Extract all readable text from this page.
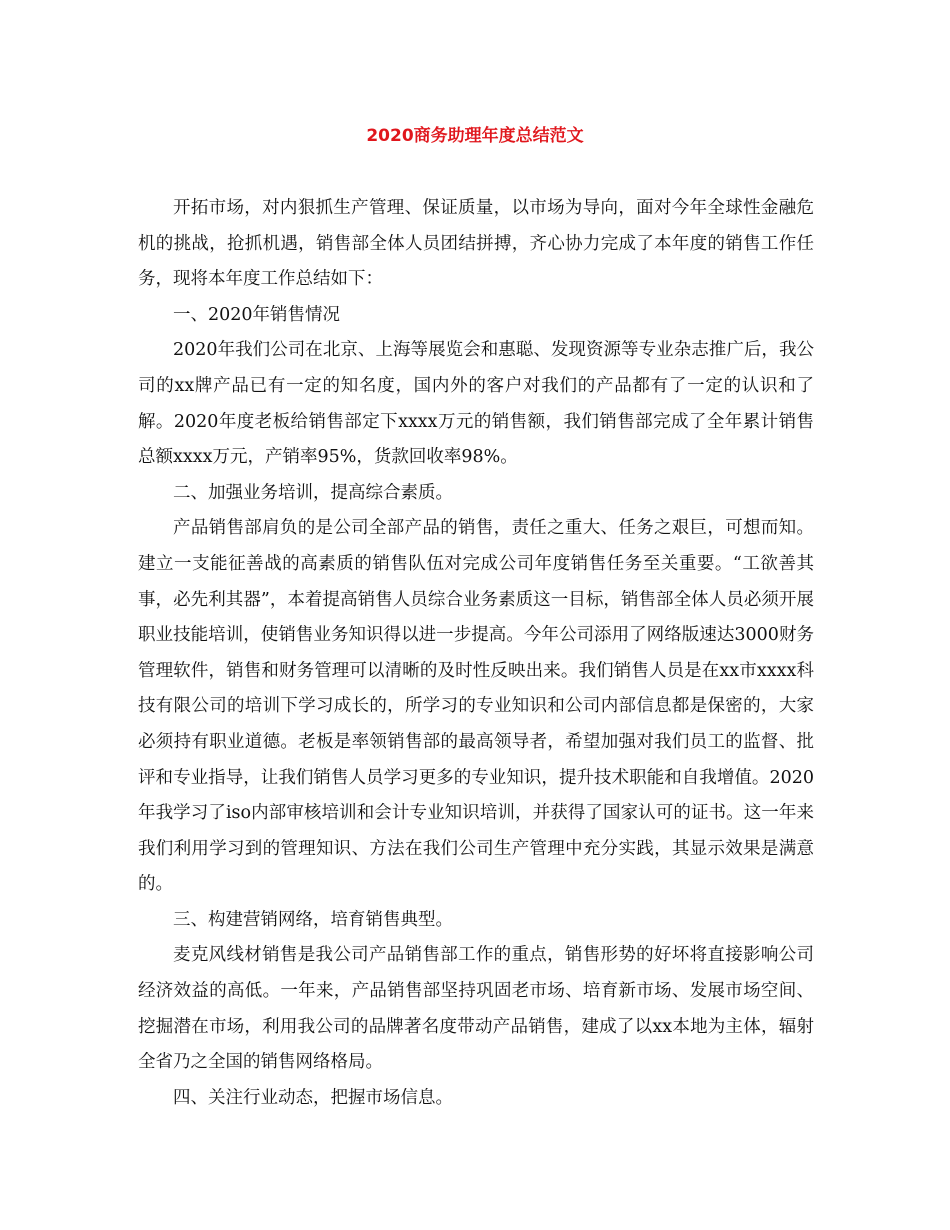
2020商务助理年度总结范文

开拓市场，对内狠抓生产管理、保证质量，以市场为导向，面对今年全球性金融危机的挑战，抢抓机遇，销售部全体人员团结拼搏，齐心协力完成了本年度的销售工作任务，现将本年度工作总结如下：

一、2020年销售情况

2020年我们公司在北京、上海等展览会和惠聪、发现资源等专业杂志推广后，我公司的xx牌产品已有一定的知名度，国内外的客户对我们的产品都有了一定的认识和了解。2020年度老板给销售部定下xxxx万元的销售额，我们销售部完成了全年累计销售总额xxxx万元，产销率95%，货款回收率98%。

二、加强业务培训，提高综合素质。

产品销售部肩负的是公司全部产品的销售，责任之重大、任务之艰巨，可想而知。建立一支能征善战的高素质的销售队伍对完成公司年度销售任务至关重要。“工欲善其事，必先利其器”，本着提高销售人员综合业务素质这一目标，销售部全体人员必须开展职业技能培训，使销售业务知识得以进一步提高。今年公司添用了网络版速达3000财务管理软件，销售和财务管理可以清晰的及时性反映出来。我们销售人员是在xx市xxxx科技有限公司的培训下学习成长的，所学习的专业知识和公司内部信息都是保密的，大家必须持有职业道德。老板是率领销售部的最高领导者，希望加强对我们员工的监督、批评和专业指导，让我们销售人员学习更多的专业知识，提升技术职能和自我增值。2020年我学习了iso内部审核培训和会计专业知识培训，并获得了国家认可的证书。这一年来我们利用学习到的管理知识、方法在我们公司生产管理中充分实践，其显示效果是满意的。

三、构建营销网络，培育销售典型。

麦克风线材销售是我公司产品销售部工作的重点，销售形势的好坏将直接影响公司经济效益的高低。一年来，产品销售部坚持巩固老市场、培育新市场、发展市场空间、挖掘潜在市场，利用我公司的品牌著名度带动产品销售，建成了以xx本地为主体，辐射全省乃之全国的销售网络格局。

四、关注行业动态，把握市场信息。
